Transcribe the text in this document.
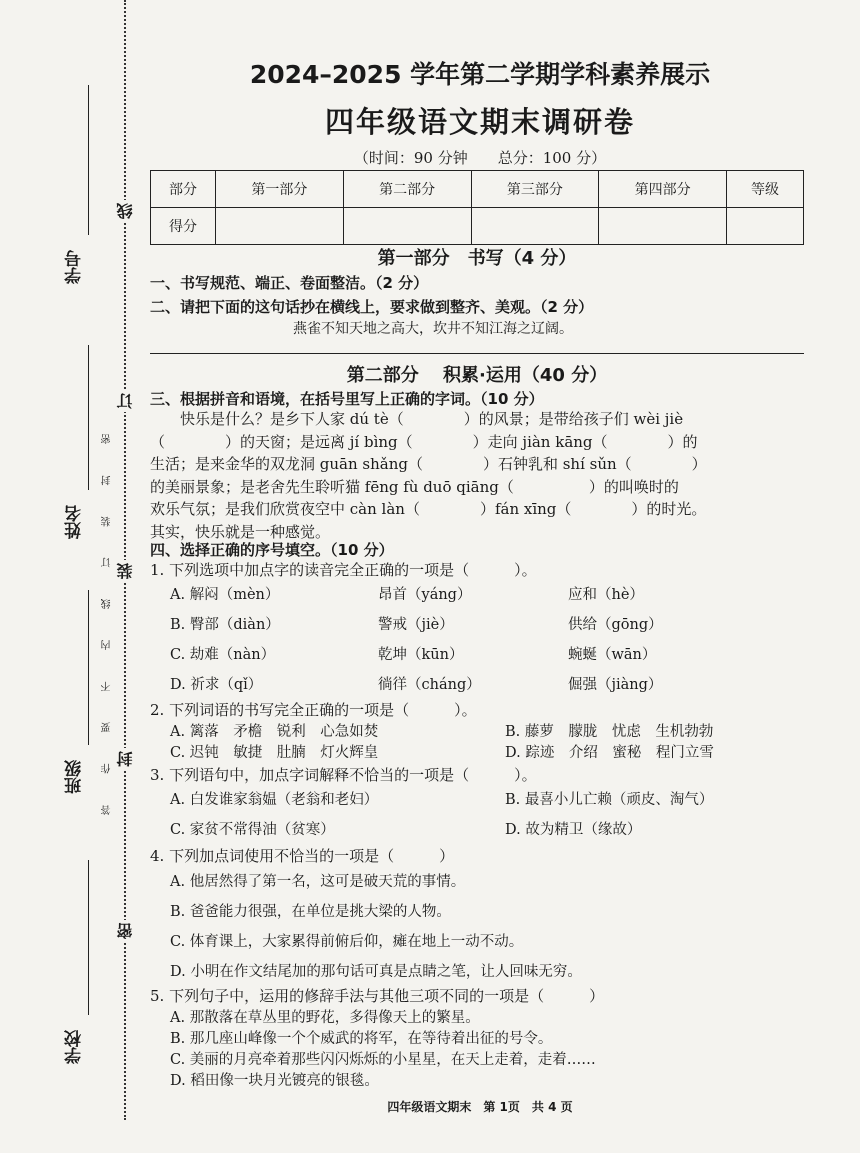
学号
姓名
班级
学校
答 作 要 不 内 线 订 装 封 密
线
订
装
封
密
2024–2025 学年第二学期学科素养展示
四年级语文期末调研卷
（时间：90 分钟　　总分：100 分）
部分	第一部分	第二部分	第三部分	第四部分	等级
得分					
第一部分　书写（4 分）
一、书写规范、端正、卷面整洁。（2 分）
二、请把下面的这句话抄在横线上，要求做到整齐、美观。（2 分）
燕雀不知天地之高大，坎井不知江海之辽阔。
第二部分　 积累·运用（40 分）
三、根据拼音和语境，在括号里写上正确的字词。（10 分）
　　快乐是什么？是乡下人家 dú tè（　　　　）的风景；是带给孩子们 wèi jiè
（　　　　）的天窗；是远离 jí bìng（　　　　）走向 jiàn kāng（　　　　）的
生活；是来金华的双龙洞 guān shǎng（　　　　）石钟乳和 shí sǔn（　　　　）
的美丽景象；是老舍先生聆听猫 fēng fù duō qiāng（　　　　　）的叫唤时的
欢乐气氛；是我们欣赏夜空中 càn làn（　　　　）fán xīng（　　　　）的时光。
其实，快乐就是一种感觉。
四、选择正确的序号填空。（10 分）
1. 下列选项中加点字的读音完全正确的一项是（　　　）。
A. 解闷（mèn）	昂首（yáng）	应和（hè）
B. 臀部（diàn）	警戒（jiè）	供给（gōng）
C. 劫难（nàn）	乾坤（kūn）	蜿蜒（wān）
D. 祈求（qǐ）	徜徉（cháng）	倔强（jiàng）
2. 下列词语的书写完全正确的一项是（　　　）。
A. 篱落　矛檐　锐利　心急如焚	B. 藤萝　朦胧　忧虑　生机勃勃
C. 迟钝　敏捷　肚腩　灯火辉皇	D. 踪迹　介绍　蜜秘　程门立雪
3. 下列语句中，加点字词解释不恰当的一项是（　　　）。
A. 白发谁家翁媪（老翁和老妇）	B. 最喜小儿亡赖（顽皮、淘气）
C. 家贫不常得油（贫寒）	D. 故为精卫（缘故）
4. 下列加点词使用不恰当的一项是（　　　）
A. 他居然得了第一名，这可是破天荒的事情。
B. 爸爸能力很强，在单位是挑大梁的人物。
C. 体育课上，大家累得前俯后仰，瘫在地上一动不动。
D. 小明在作文结尾加的那句话可真是点睛之笔，让人回味无穷。
5. 下列句子中，运用的修辞手法与其他三项不同的一项是（　　　）
A. 那散落在草丛里的野花，多得像天上的繁星。
B. 那几座山峰像一个个威武的将军，在等待着出征的号令。
C. 美丽的月亮牵着那些闪闪烁烁的小星星，在天上走着，走着……
D. 稻田像一块月光镀亮的银毯。
四年级语文期末　第 1页　共 4 页
